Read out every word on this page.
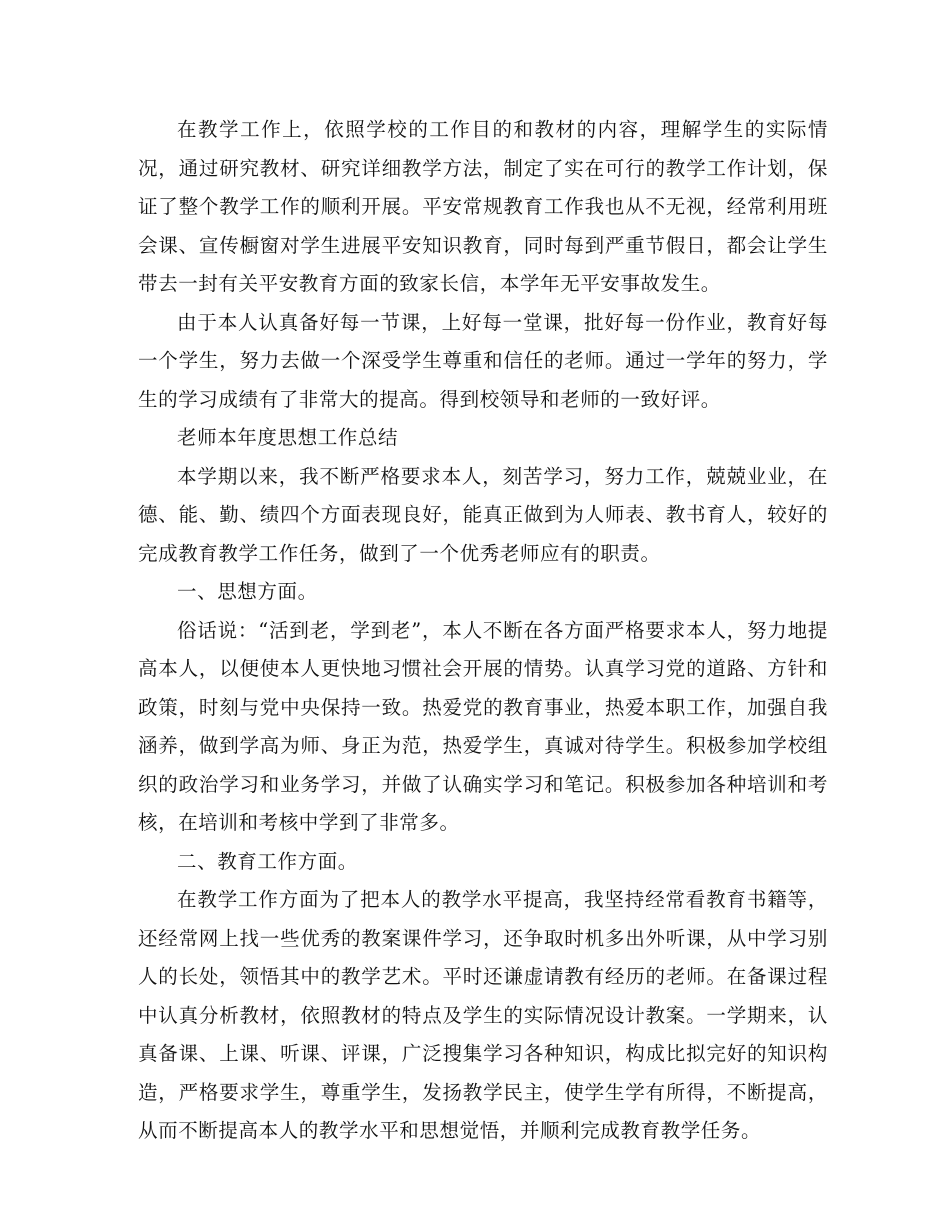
在教学工作上，依照学校的工作目的和教材的内容，理解学生的实际情况，通过研究教材、研究详细教学方法，制定了实在可行的教学工作计划，保证了整个教学工作的顺利开展。平安常规教育工作我也从不无视，经常利用班会课、宣传橱窗对学生进展平安知识教育，同时每到严重节假日，都会让学生带去一封有关平安教育方面的致家长信，本学年无平安事故发生。

由于本人认真备好每一节课，上好每一堂课，批好每一份作业，教育好每一个学生，努力去做一个深受学生尊重和信任的老师。通过一学年的努力，学生的学习成绩有了非常大的提高。得到校领导和老师的一致好评。

老师本年度思想工作总结

本学期以来，我不断严格要求本人，刻苦学习，努力工作，兢兢业业，在德、能、勤、绩四个方面表现良好，能真正做到为人师表、教书育人，较好的完成教育教学工作任务，做到了一个优秀老师应有的职责。

一、思想方面。

俗话说：“活到老，学到老”，本人不断在各方面严格要求本人，努力地提高本人，以便使本人更快地习惯社会开展的情势。认真学习党的道路、方针和政策，时刻与党中央保持一致。热爱党的教育事业，热爱本职工作，加强自我涵养，做到学高为师、身正为范，热爱学生，真诚对待学生。积极参加学校组织的政治学习和业务学习，并做了认确实学习和笔记。积极参加各种培训和考核，在培训和考核中学到了非常多。

二、教育工作方面。

在教学工作方面为了把本人的教学水平提高，我坚持经常看教育书籍等，还经常网上找一些优秀的教案课件学习，还争取时机多出外听课，从中学习别人的长处，领悟其中的教学艺术。平时还谦虚请教有经历的老师。在备课过程中认真分析教材，依照教材的特点及学生的实际情况设计教案。一学期来，认真备课、上课、听课、评课，广泛搜集学习各种知识，构成比拟完好的知识构造，严格要求学生，尊重学生，发扬教学民主，使学生学有所得，不断提高，从而不断提高本人的教学水平和思想觉悟，并顺利完成教育教学任务。
